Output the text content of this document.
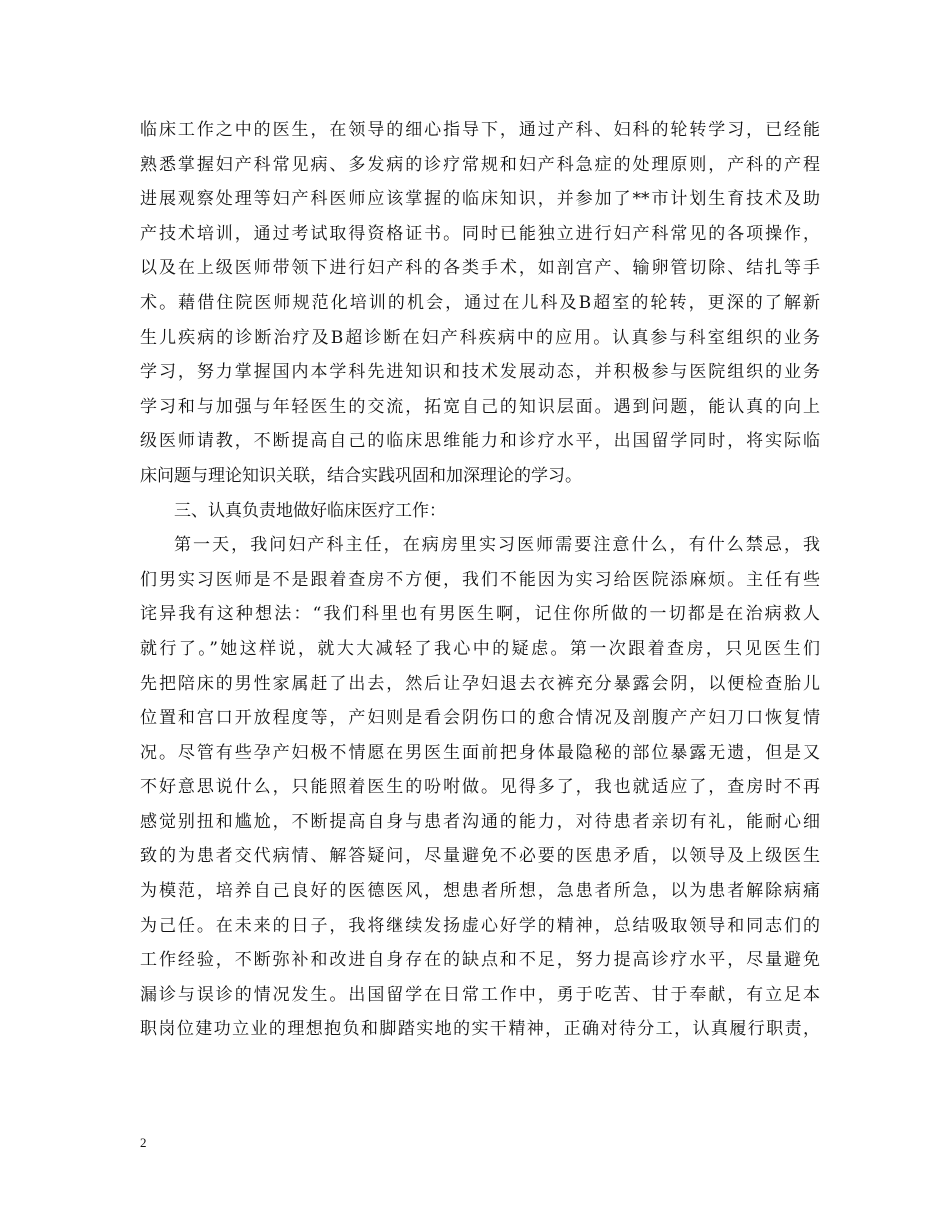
临床工作之中的医生，在领导的细心指导下，通过产科、妇科的轮转学习，已经能
熟悉掌握妇产科常见病、多发病的诊疗常规和妇产科急症的处理原则，产科的产程
进展观察处理等妇产科医师应该掌握的临床知识，并参加了**市计划生育技术及助
产技术培训，通过考试取得资格证书。同时已能独立进行妇产科常见的各项操作，
以及在上级医师带领下进行妇产科的各类手术，如剖宫产、输卵管切除、结扎等手
术。藉借住院医师规范化培训的机会，通过在儿科及B超室的轮转，更深的了解新
生儿疾病的诊断治疗及B超诊断在妇产科疾病中的应用。认真参与科室组织的业务
学习，努力掌握国内本学科先进知识和技术发展动态，并积极参与医院组织的业务
学习和与加强与年轻医生的交流，拓宽自己的知识层面。遇到问题，能认真的向上
级医师请教，不断提高自己的临床思维能力和诊疗水平，出国留学同时，将实际临
床问题与理论知识关联，结合实践巩固和加深理论的学习。
三、认真负责地做好临床医疗工作：
第一天，我问妇产科主任，在病房里实习医师需要注意什么，有什么禁忌，我
们男实习医师是不是跟着查房不方便，我们不能因为实习给医院添麻烦。主任有些
诧异我有这种想法：“我们科里也有男医生啊，记住你所做的一切都是在治病救人
就行了。”她这样说，就大大减轻了我心中的疑虑。第一次跟着查房，只见医生们
先把陪床的男性家属赶了出去，然后让孕妇退去衣裤充分暴露会阴，以便检查胎儿
位置和宫口开放程度等，产妇则是看会阴伤口的愈合情况及剖腹产产妇刀口恢复情
况。尽管有些孕产妇极不情愿在男医生面前把身体最隐秘的部位暴露无遗，但是又
不好意思说什么，只能照着医生的吩咐做。见得多了，我也就适应了，查房时不再
感觉别扭和尴尬，不断提高自身与患者沟通的能力，对待患者亲切有礼，能耐心细
致的为患者交代病情、解答疑问，尽量避免不必要的医患矛盾，以领导及上级医生
为模范，培养自己良好的医德医风，想患者所想，急患者所急，以为患者解除病痛
为己任。在未来的日子，我将继续发扬虚心好学的精神，总结吸取领导和同志们的
工作经验，不断弥补和改进自身存在的缺点和不足，努力提高诊疗水平，尽量避免
漏诊与误诊的情况发生。出国留学在日常工作中，勇于吃苦、甘于奉献，有立足本
职岗位建功立业的理想抱负和脚踏实地的实干精神，正确对待分工，认真履行职责，
2
